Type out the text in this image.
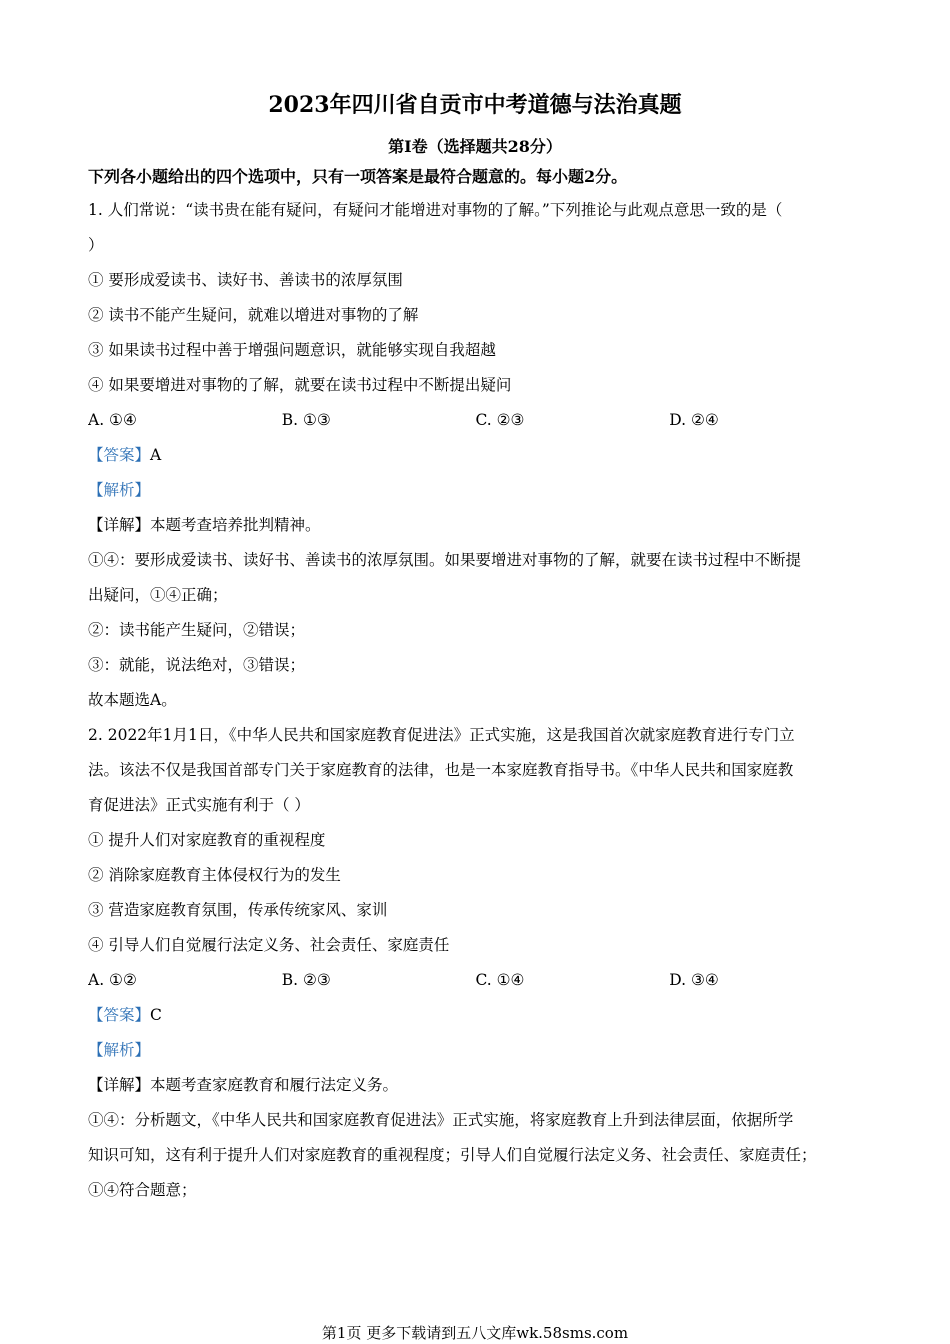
2023年四川省自贡市中考道德与法治真题
第I卷（选择题共28分）
下列各小题给出的四个选项中，只有一项答案是最符合题意的。每小题2分。
1. 人们常说：“读书贵在能有疑问，有疑问才能增进对事物的了解。”下列推论与此观点意思一致的是（
）
① 要形成爱读书、读好书、善读书的浓厚氛围
② 读书不能产生疑问，就难以增进对事物的了解
③ 如果读书过程中善于增强问题意识，就能够实现自我超越
④ 如果要增进对事物的了解，就要在读书过程中不断提出疑问
A. ①④	B. ①③	C. ②③	D. ②④
【答案】A
【解析】
【详解】本题考查培养批判精神。
①④：要形成爱读书、读好书、善读书的浓厚氛围。如果要增进对事物的了解，就要在读书过程中不断提
出疑问，①④正确；
②：读书能产生疑问，②错误；
③：就能，说法绝对，③错误；
故本题选A。
2. 2022年1月1日，《中华人民共和国家庭教育促进法》正式实施，这是我国首次就家庭教育进行专门立
法。该法不仅是我国首部专门关于家庭教育的法律，也是一本家庭教育指导书。《中华人民共和国家庭教
育促进法》正式实施有利于（ ）
① 提升人们对家庭教育的重视程度
② 消除家庭教育主体侵权行为的发生
③ 营造家庭教育氛围，传承传统家风、家训
④ 引导人们自觉履行法定义务、社会责任、家庭责任
A. ①②	B. ②③	C. ①④	D. ③④
【答案】C
【解析】
【详解】本题考查家庭教育和履行法定义务。
①④：分析题文，《中华人民共和国家庭教育促进法》正式实施，将家庭教育上升到法律层面，依据所学
知识可知，这有利于提升人们对家庭教育的重视程度；引导人们自觉履行法定义务、社会责任、家庭责任；
①④符合题意；
第1页 更多下载请到五八文库wk.58sms.com
